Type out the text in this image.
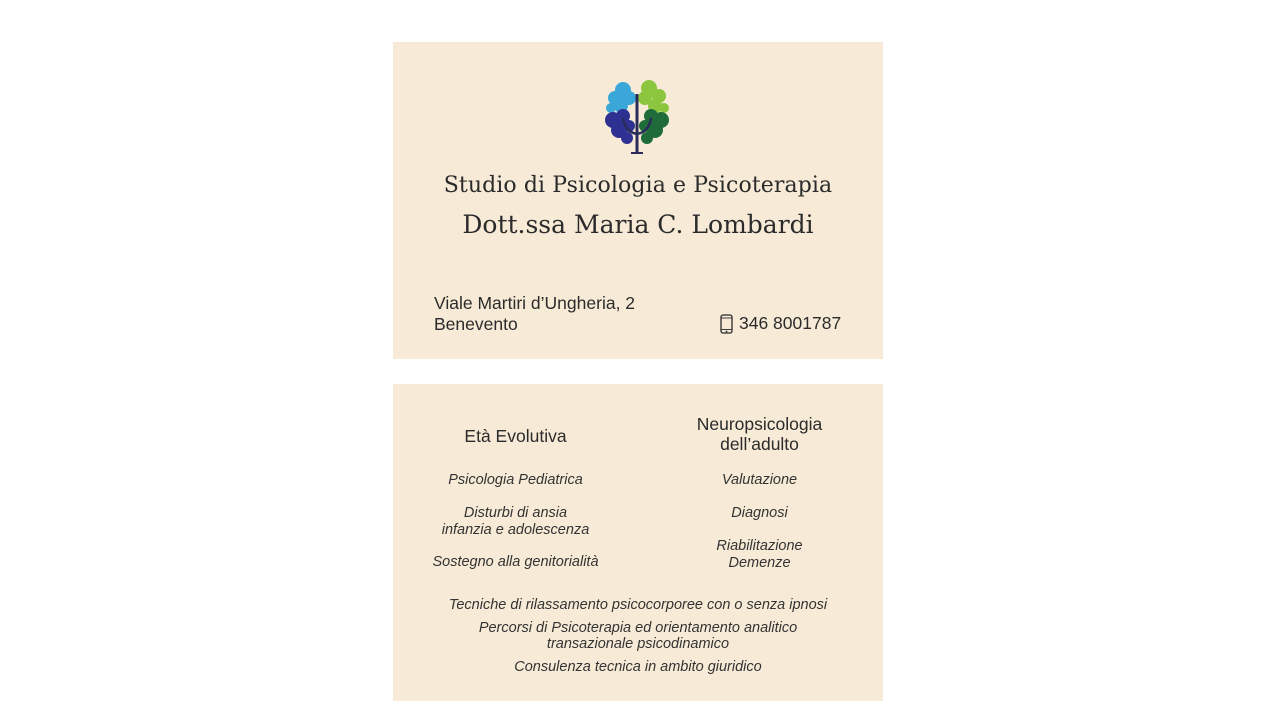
Studio di Psicologia e Psicoterapia
Dott.ssa Maria C. Lombardi
Viale Martiri d’Ungheria, 2
Benevento	346 8001787
Età Evolutiva
Psicologia Pediatrica
Disturbi di ansia
infanzia e adolescenza
Sostegno alla genitorialità
Neuropsicologia
dell’adulto
Valutazione
Diagnosi
Riabilitazione
Demenze
Tecniche di rilassamento psicocorporee con o senza ipnosi
Percorsi di Psicoterapia ed orientamento analitico
transazionale psicodinamico
Consulenza tecnica in ambito giuridico
